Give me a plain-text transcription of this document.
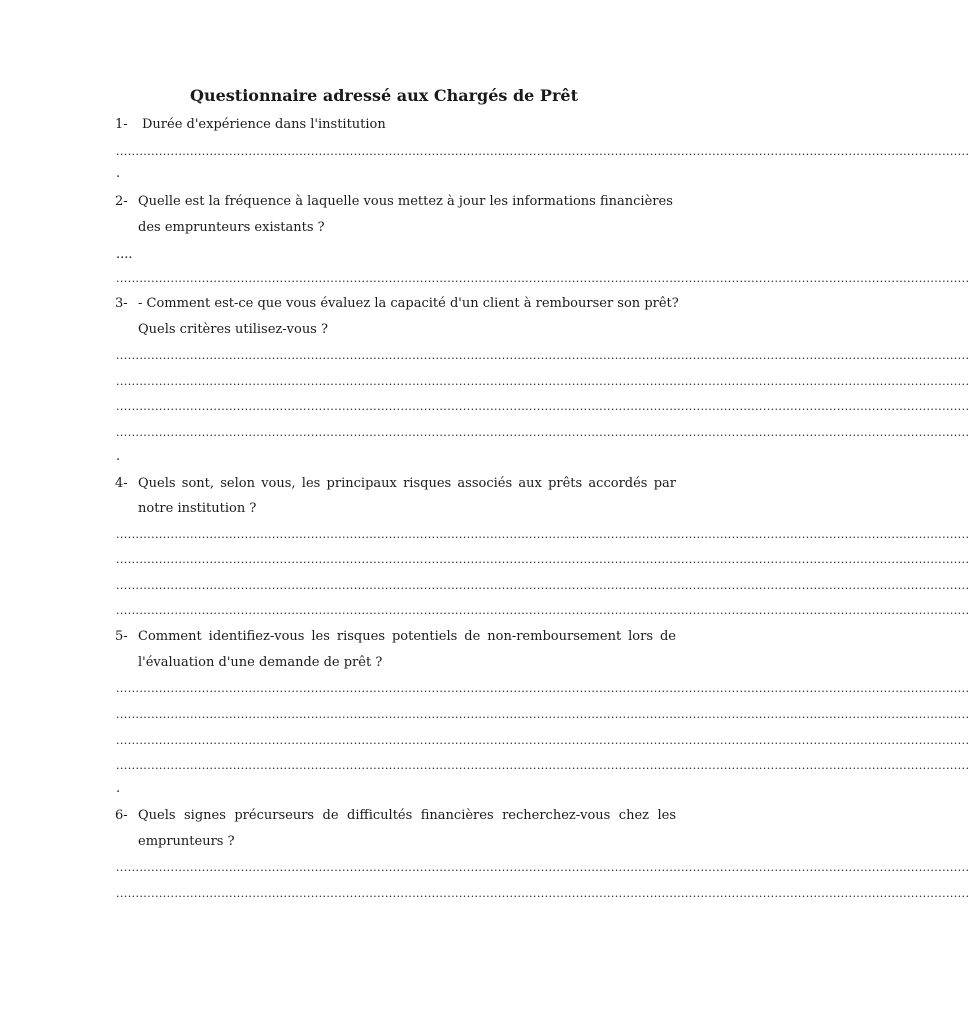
Questionnaire adressé aux Chargés de Prêt
1- Durée d'expérience dans l'institution
...........................................................................................................................................................................................................................
.
2- Quelle est la fréquence à laquelle vous mettez à jour les informations financières
des emprunteurs existants ?
....
...........................................................................................................................................................................................................................
3- - Comment est-ce que vous évaluez la capacité d'un client à rembourser son prêt?
Quels critères utilisez-vous ?
...........................................................................................................................................................................................................................
...........................................................................................................................................................................................................................
...........................................................................................................................................................................................................................
...........................................................................................................................................................................................................................
.
4- Quels sont, selon vous, les principaux risques associés aux prêts accordés par
notre institution ?
...........................................................................................................................................................................................................................
...........................................................................................................................................................................................................................
...........................................................................................................................................................................................................................
...........................................................................................................................................................................................................................
5- Comment identifiez-vous les risques potentiels de non-remboursement lors de
l'évaluation d'une demande de prêt ?
...........................................................................................................................................................................................................................
...........................................................................................................................................................................................................................
...........................................................................................................................................................................................................................
...........................................................................................................................................................................................................................
.
6- Quels signes précurseurs de difficultés financières recherchez-vous chez les
emprunteurs ?
...........................................................................................................................................................................................................................
...........................................................................................................................................................................................................................
